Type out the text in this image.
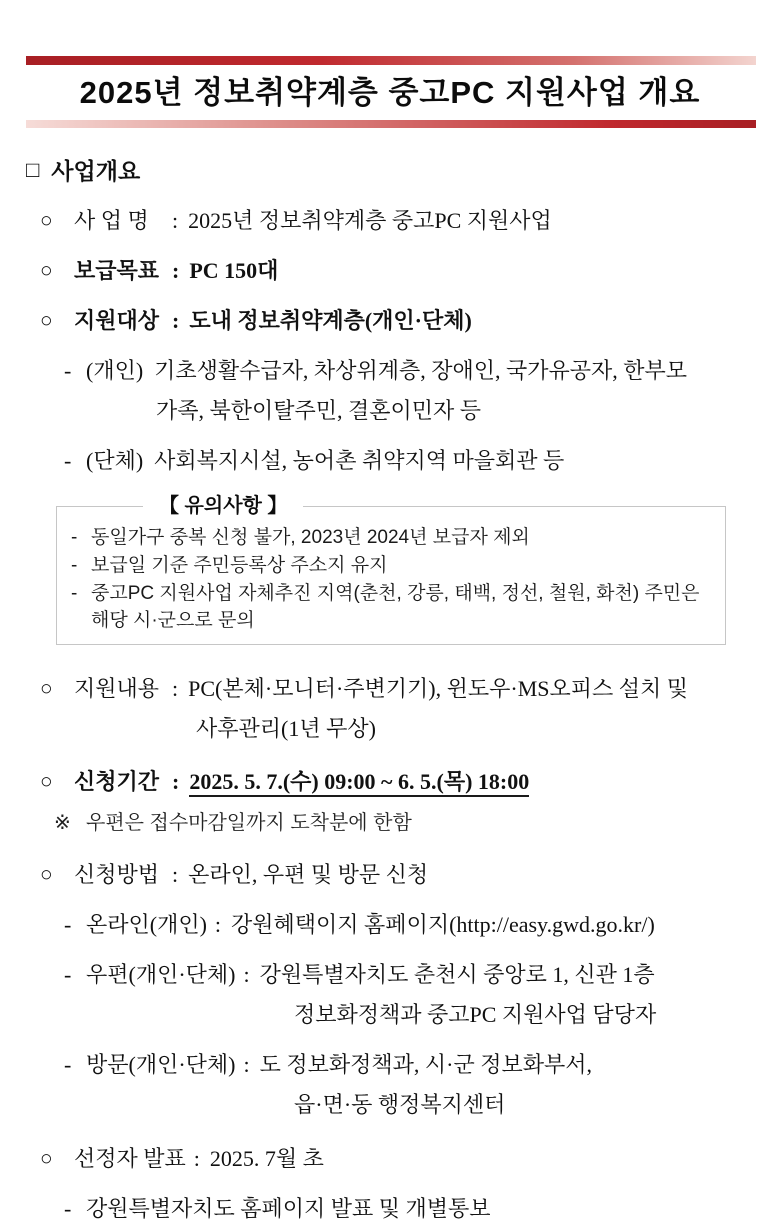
2025년 정보취약계층 중고PC 지원사업 개요
□ 사업개요
○ 사 업 명 : 2025년 정보취약계층 중고PC 지원사업
○ 보급목표 : PC 150대
○ 지원대상 : 도내 정보취약계층(개인·단체)
- (개인) 기초생활수급자, 차상위계층, 장애인, 국가유공자, 한부모
가족, 북한이탈주민, 결혼이민자 등
- (단체) 사회복지시설, 농어촌 취약지역 마을회관 등
【 유의사항 】
- 동일가구 중복 신청 불가, 2023년 2024년 보급자 제외
- 보급일 기준 주민등록상 주소지 유지
- 중고PC 지원사업 자체추진 지역(춘천, 강릉, 태백, 정선, 철원, 화천) 주민은
해당 시·군으로 문의
○ 지원내용 : PC(본체·모니터·주변기기), 윈도우·MS오피스 설치 및
사후관리(1년 무상)
○ 신청기간 : 2025. 5. 7.(수) 09:00 ~ 6. 5.(목) 18:00
※ 우편은 접수마감일까지 도착분에 한함
○ 신청방법 : 온라인, 우편 및 방문 신청
- 온라인(개인) : 강원혜택이지 홈페이지(http://easy.gwd.go.kr/)
- 우편(개인·단체) : 강원특별자치도 춘천시 중앙로 1, 신관 1층
정보화정책과 중고PC 지원사업 담당자
- 방문(개인·단체) : 도 정보화정책과, 시·군 정보화부서,
읍·면·동 행정복지센터
○ 선정자 발표 : 2025. 7월 초
- 강원특별자치도 홈페이지 발표 및 개별통보
